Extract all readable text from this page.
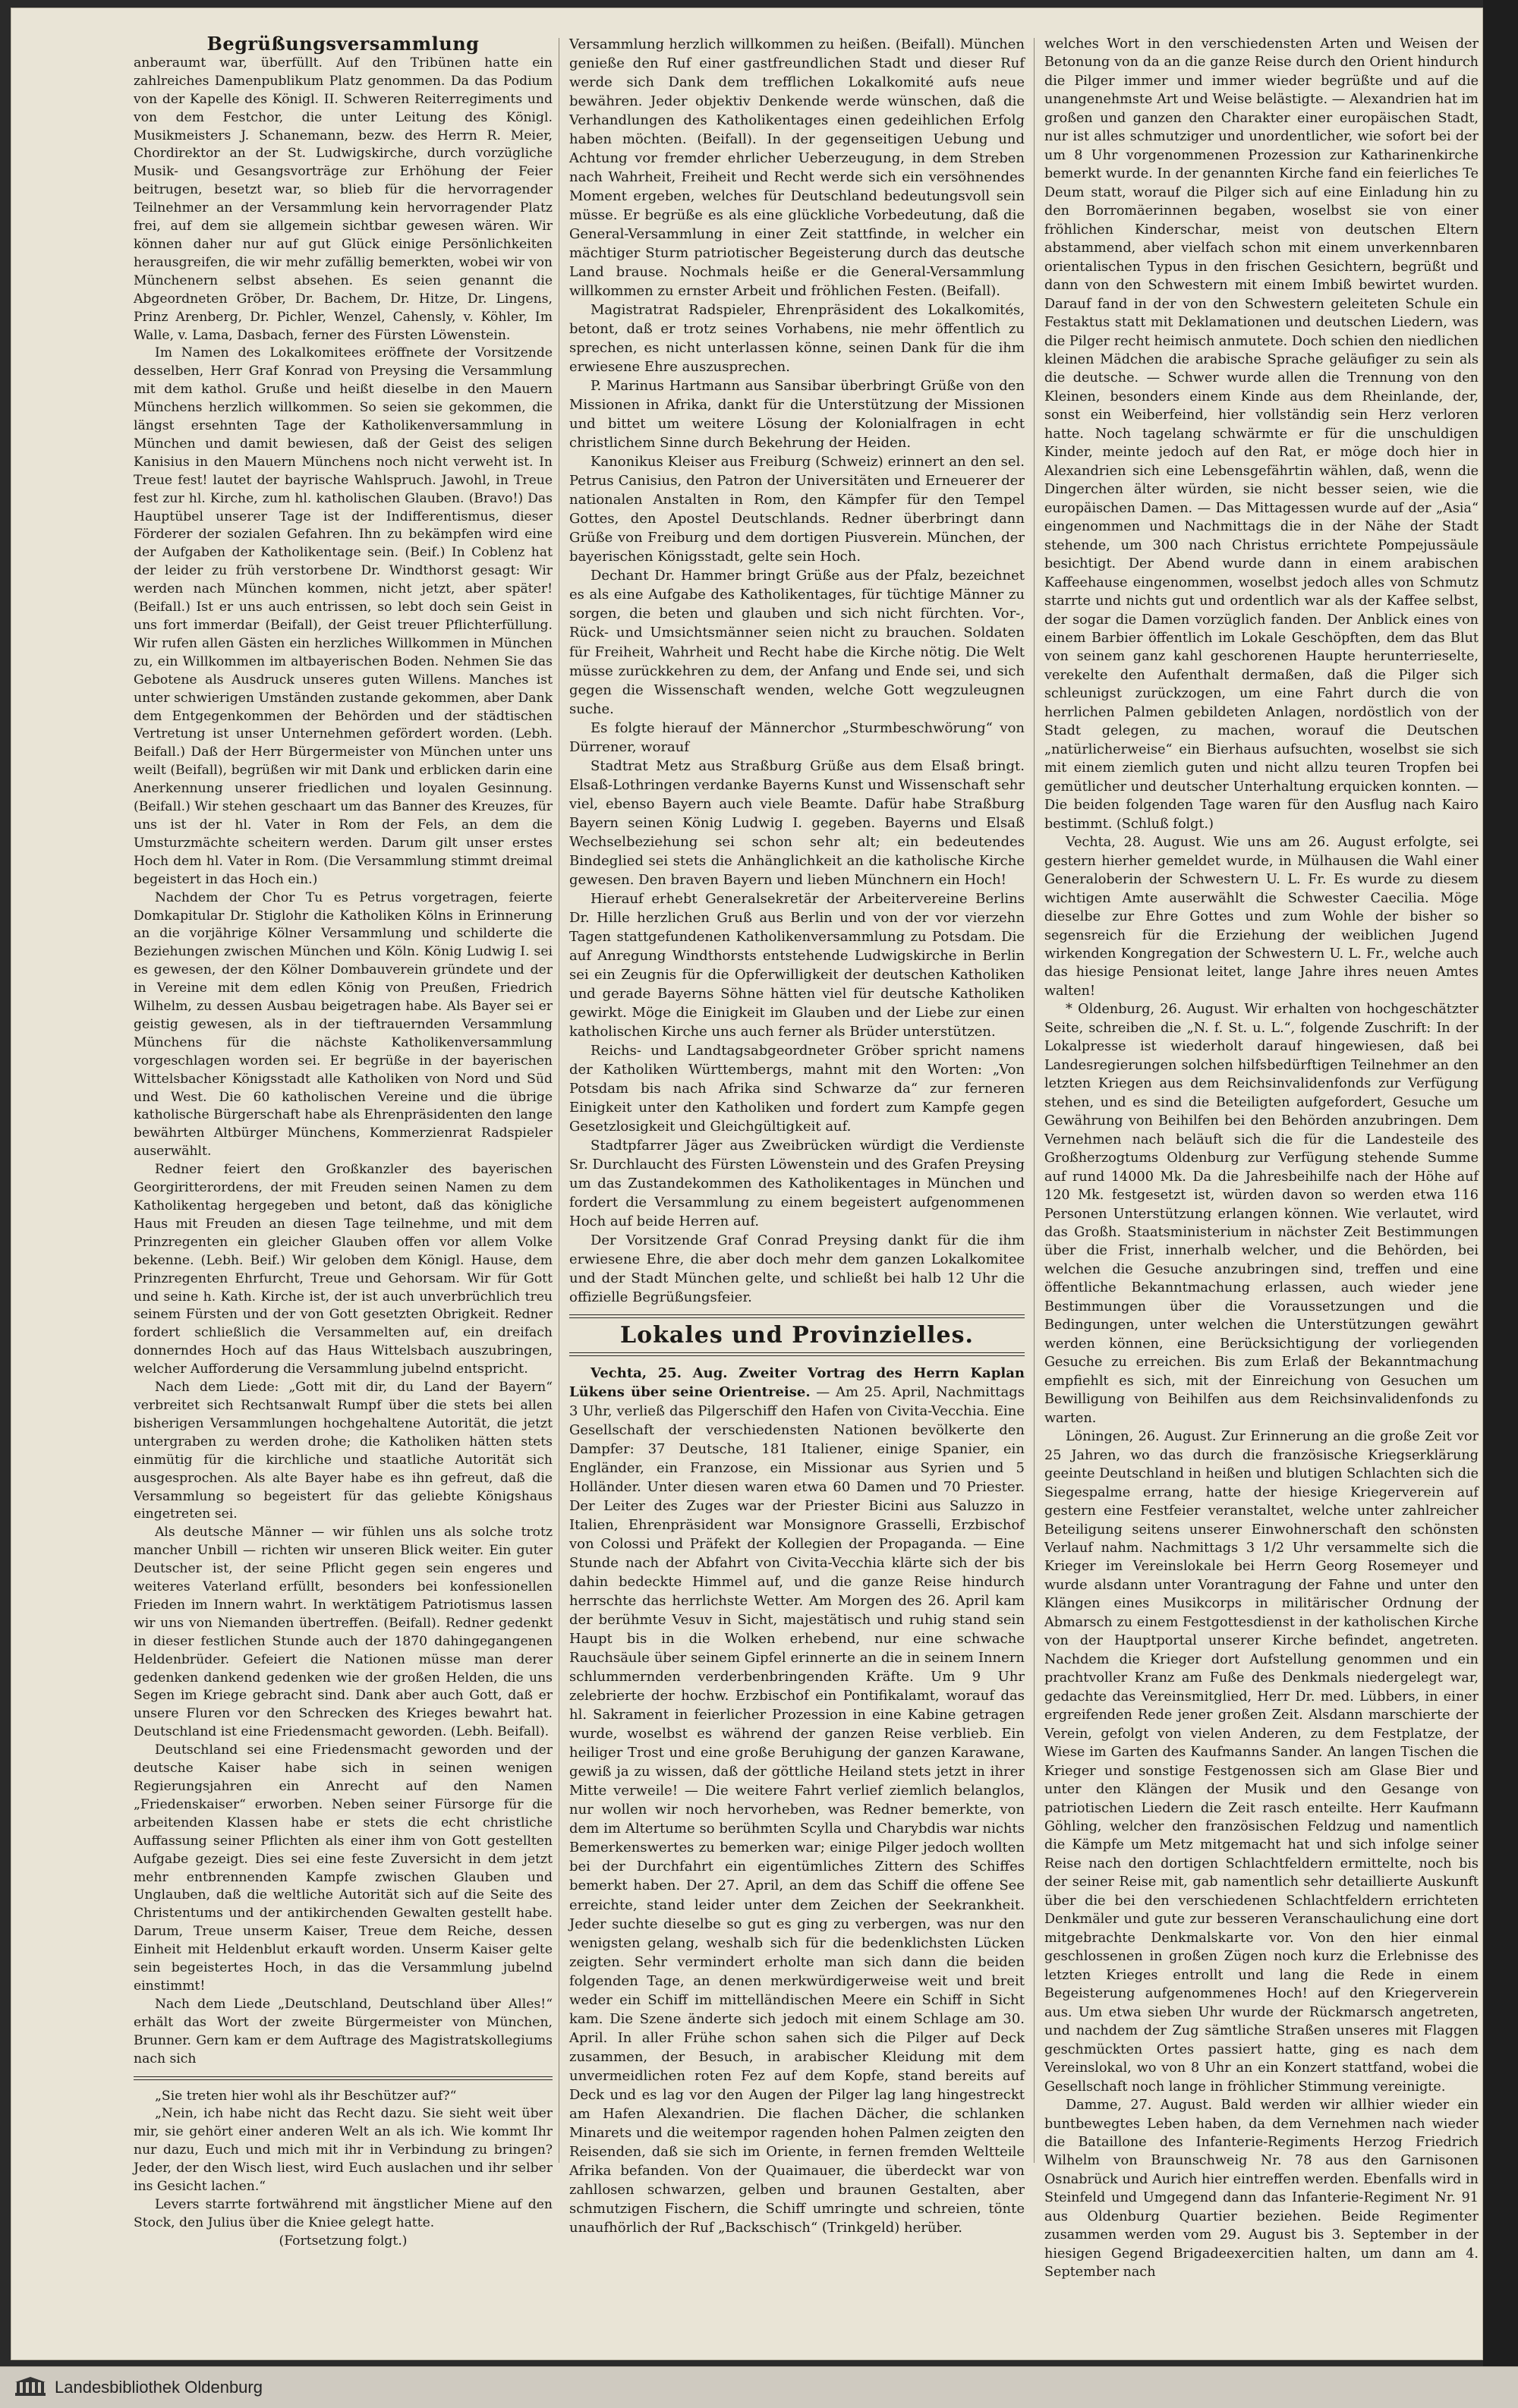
Begrüßungsversammlung

anberaumt war, überfüllt. Auf den Tribünen hatte ein zahlreiches Damenpublikum Platz genommen. Da das Podium von der Kapelle des Königl. II. Schweren Reiterregiments und von dem Festchor, die unter Leitung des Königl. Musikmeisters J. Schanemann, bezw. des Herrn R. Meier, Chordirektor an der St. Ludwigskirche, durch vorzügliche Musik- und Gesangsvorträge zur Erhöhung der Feier beitrugen, besetzt war, so blieb für die hervorragender Teilnehmer an der Versammlung kein hervorragender Platz frei, auf dem sie allgemein sichtbar gewesen wären. Wir können daher nur auf gut Glück einige Persönlichkeiten herausgreifen, die wir mehr zufällig bemerkten, wobei wir von Münchenern selbst absehen. Es seien genannt die Abgeordneten Gröber, Dr. Bachem, Dr. Hitze, Dr. Lingens, Prinz Arenberg, Dr. Pichler, Wenzel, Cahensly, v. Köhler, Im Walle, v. Lama, Dasbach, ferner des Fürsten Löwenstein.

Im Namen des Lokalkomitees eröffnete der Vorsitzende desselben, Herr Graf Konrad von Preysing die Versammlung mit dem kathol. Gruße und heißt dieselbe in den Mauern Münchens herzlich willkommen. So seien sie gekommen, die längst ersehnten Tage der Katholikenversammlung in München und damit bewiesen, daß der Geist des seligen Kanisius in den Mauern Münchens noch nicht verweht ist. In Treue fest! lautet der bayrische Wahlspruch. Jawohl, in Treue fest zur hl. Kirche, zum hl. katholischen Glauben. (Bravo!) Das Hauptübel unserer Tage ist der Indifferentismus, dieser Förderer der sozialen Gefahren. Ihn zu bekämpfen wird eine der Aufgaben der Katholikentage sein. (Beif.) In Coblenz hat der leider zu früh verstorbene Dr. Windthorst gesagt: Wir werden nach München kommen, nicht jetzt, aber später! (Beifall.) Ist er uns auch entrissen, so lebt doch sein Geist in uns fort immerdar (Beifall), der Geist treuer Pflichterfüllung. Wir rufen allen Gästen ein herzliches Willkommen in München zu, ein Willkommen im altbayerischen Boden. Nehmen Sie das Gebotene als Ausdruck unseres guten Willens. Manches ist unter schwierigen Umständen zustande gekommen, aber Dank dem Entgegenkommen der Behörden und der städtischen Vertretung ist unser Unternehmen gefördert worden. (Lebh. Beifall.) Daß der Herr Bürgermeister von München unter uns weilt (Beifall), begrüßen wir mit Dank und erblicken darin eine Anerkennung unserer friedlichen und loyalen Gesinnung. (Beifall.) Wir stehen geschaart um das Banner des Kreuzes, für uns ist der hl. Vater in Rom der Fels, an dem die Umsturzmächte scheitern werden. Darum gilt unser erstes Hoch dem hl. Vater in Rom. (Die Versammlung stimmt dreimal begeistert in das Hoch ein.)

Nachdem der Chor Tu es Petrus vorgetragen, feierte Domkapitular Dr. Stiglohr die Katholiken Kölns in Erinnerung an die vorjährige Kölner Versammlung und schilderte die Beziehungen zwischen München und Köln. König Ludwig I. sei es gewesen, der den Kölner Dombauverein gründete und der in Vereine mit dem edlen König von Preußen, Friedrich Wilhelm, zu dessen Ausbau beigetragen habe. Als Bayer sei er geistig gewesen, als in der tieftrauernden Versammlung Münchens für die nächste Katholikenversammlung vorgeschlagen worden sei. Er begrüße in der bayerischen Wittelsbacher Königsstadt alle Katholiken von Nord und Süd und West. Die 60 katholischen Vereine und die übrige katholische Bürgerschaft habe als Ehrenpräsidenten den lange bewährten Altbürger Münchens, Kommerzienrat Radspieler auserwählt.

Redner feiert den Großkanzler des bayerischen Georgiritterordens, der mit Freuden seinen Namen zu dem Katholikentag hergegeben und betont, daß das königliche Haus mit Freuden an diesen Tage teilnehme, und mit dem Prinzregenten ein gleicher Glauben offen vor allem Volke bekenne. (Lebh. Beif.) Wir geloben dem Königl. Hause, dem Prinzregenten Ehrfurcht, Treue und Gehorsam. Wir für Gott und seine h. Kath. Kirche ist, der ist auch unverbrüchlich treu seinem Fürsten und der von Gott gesetzten Obrigkeit. Redner fordert schließlich die Versammelten auf, ein dreifach donnerndes Hoch auf das Haus Wittelsbach auszubringen, welcher Aufforderung die Versammlung jubelnd entspricht.

Nach dem Liede: „Gott mit dir, du Land der Bayern“ verbreitet sich Rechtsanwalt Rumpf über die stets bei allen bisherigen Versammlungen hochgehaltene Autorität, die jetzt untergraben zu werden drohe; die Katholiken hätten stets einmütig für die kirchliche und staatliche Autorität sich ausgesprochen. Als alte Bayer habe es ihn gefreut, daß die Versammlung so begeistert für das geliebte Königshaus eingetreten sei.

Als deutsche Männer — wir fühlen uns als solche trotz mancher Unbill — richten wir unseren Blick weiter. Ein guter Deutscher ist, der seine Pflicht gegen sein engeres und weiteres Vaterland erfüllt, besonders bei konfessionellen Frieden im Innern wahrt. In werktätigem Patriotismus lassen wir uns von Niemanden übertreffen. (Beifall). Redner gedenkt in dieser festlichen Stunde auch der 1870 dahingegangenen Heldenbrüder. Gefeiert die Nationen müsse man derer gedenken dankend gedenken wie der großen Helden, die uns Segen im Kriege gebracht sind. Dank aber auch Gott, daß er unsere Fluren vor den Schrecken des Krieges bewahrt hat. Deutschland ist eine Friedensmacht geworden. (Lebh. Beifall).

Deutschland sei eine Friedensmacht geworden und der deutsche Kaiser habe sich in seinen wenigen Regierungsjahren ein Anrecht auf den Namen „Friedenskaiser“ erworben. Neben seiner Fürsorge für die arbeitenden Klassen habe er stets die echt christliche Auffassung seiner Pflichten als einer ihm von Gott gestellten Aufgabe gezeigt. Dies sei eine feste Zuversicht in dem jetzt mehr entbrennenden Kampfe zwischen Glauben und Unglauben, daß die weltliche Autorität sich auf die Seite des Christentums und der antikirchenden Gewalten gestellt habe. Darum, Treue unserm Kaiser, Treue dem Reiche, dessen Einheit mit Heldenblut erkauft worden. Unserm Kaiser gelte sein begeistertes Hoch, in das die Versammlung jubelnd einstimmt!

Nach dem Liede „Deutschland, Deutschland über Alles!“ erhält das Wort der zweite Bürgermeister von München, Brunner. Gern kam er dem Auftrage des Magistratskollegiums nach sich

„Sie treten hier wohl als ihr Beschützer auf?“

„Nein, ich habe nicht das Recht dazu. Sie sieht weit über mir, sie gehört einer anderen Welt an als ich. Wie kommt Ihr nur dazu, Euch und mich mit ihr in Verbindung zu bringen? Jeder, der den Wisch liest, wird Euch auslachen und ihr selber ins Gesicht lachen.“

Levers starrte fortwährend mit ängstlicher Miene auf den Stock, den Julius über die Kniee gelegt hatte.

(Fortsetzung folgt.)

Versammlung herzlich willkommen zu heißen. (Beifall). München genieße den Ruf einer gastfreundlichen Stadt und dieser Ruf werde sich Dank dem trefflichen Lokalkomité aufs neue bewähren. Jeder objektiv Denkende werde wünschen, daß die Verhandlungen des Katholikentages einen gedeihlichen Erfolg haben möchten. (Beifall). In der gegenseitigen Uebung und Achtung vor fremder ehrlicher Ueberzeugung, in dem Streben nach Wahrheit, Freiheit und Recht werde sich ein versöhnendes Moment ergeben, welches für Deutschland bedeutungsvoll sein müsse. Er begrüße es als eine glückliche Vorbedeutung, daß die General-Versammlung in einer Zeit stattfinde, in welcher ein mächtiger Sturm patriotischer Begeisterung durch das deutsche Land brause. Nochmals heiße er die General-Versammlung willkommen zu ernster Arbeit und fröhlichen Festen. (Beifall).

Magistratrat Radspieler, Ehrenpräsident des Lokalkomités, betont, daß er trotz seines Vorhabens, nie mehr öffentlich zu sprechen, es nicht unterlassen könne, seinen Dank für die ihm erwiesene Ehre auszusprechen.

P. Marinus Hartmann aus Sansibar überbringt Grüße von den Missionen in Afrika, dankt für die Unterstützung der Missionen und bittet um weitere Lösung der Kolonialfragen in echt christlichem Sinne durch Bekehrung der Heiden.

Kanonikus Kleiser aus Freiburg (Schweiz) erinnert an den sel. Petrus Canisius, den Patron der Universitäten und Erneuerer der nationalen Anstalten in Rom, den Kämpfer für den Tempel Gottes, den Apostel Deutschlands. Redner überbringt dann Grüße von Freiburg und dem dortigen Piusverein. München, der bayerischen Königsstadt, gelte sein Hoch.

Dechant Dr. Hammer bringt Grüße aus der Pfalz, bezeichnet es als eine Aufgabe des Katholikentages, für tüchtige Männer zu sorgen, die beten und glauben und sich nicht fürchten. Vor-, Rück- und Umsichtsmänner seien nicht zu brauchen. Soldaten für Freiheit, Wahrheit und Recht habe die Kirche nötig. Die Welt müsse zurückkehren zu dem, der Anfang und Ende sei, und sich gegen die Wissenschaft wenden, welche Gott wegzuleugnen suche.

Es folgte hierauf der Männerchor „Sturmbeschwörung“ von Dürrener, worauf

Stadtrat Metz aus Straßburg Grüße aus dem Elsaß bringt. Elsaß-Lothringen verdanke Bayerns Kunst und Wissenschaft sehr viel, ebenso Bayern auch viele Beamte. Dafür habe Straßburg Bayern seinen König Ludwig I. gegeben. Bayerns und Elsaß Wechselbeziehung sei schon sehr alt; ein bedeutendes Bindeglied sei stets die Anhänglichkeit an die katholische Kirche gewesen. Den braven Bayern und lieben Münchnern ein Hoch!

Hierauf erhebt Generalsekretär der Arbeitervereine Berlins Dr. Hille herzlichen Gruß aus Berlin und von der vor vierzehn Tagen stattgefundenen Katholikenversammlung zu Potsdam. Die auf Anregung Windthorsts entstehende Ludwigskirche in Berlin sei ein Zeugnis für die Opferwilligkeit der deutschen Katholiken und gerade Bayerns Söhne hätten viel für deutsche Katholiken gewirkt. Möge die Einigkeit im Glauben und der Liebe zur einen katholischen Kirche uns auch ferner als Brüder unterstützen.

Reichs- und Landtagsabgeordneter Gröber spricht namens der Katholiken Württembergs, mahnt mit den Worten: „Von Potsdam bis nach Afrika sind Schwarze da“ zur ferneren Einigkeit unter den Katholiken und fordert zum Kampfe gegen Gesetzlosigkeit und Gleichgültigkeit auf.

Stadtpfarrer Jäger aus Zweibrücken würdigt die Verdienste Sr. Durchlaucht des Fürsten Löwenstein und des Grafen Preysing um das Zustandekommen des Katholikentages in München und fordert die Versammlung zu einem begeistert aufgenommenen Hoch auf beide Herren auf.

Der Vorsitzende Graf Conrad Preysing dankt für die ihm erwiesene Ehre, die aber doch mehr dem ganzen Lokalkomitee und der Stadt München gelte, und schließt bei halb 12 Uhr die offizielle Begrüßungsfeier.

Lokales und Provinzielles.

Vechta, 25. Aug. Zweiter Vortrag des Herrn Kaplan Lükens über seine Orientreise. — Am 25. April, Nachmittags 3 Uhr, verließ das Pilgerschiff den Hafen von Civita-Vecchia. Eine Gesellschaft der verschiedensten Nationen bevölkerte den Dampfer: 37 Deutsche, 181 Italiener, einige Spanier, ein Engländer, ein Franzose, ein Missionar aus Syrien und 5 Holländer. Unter diesen waren etwa 60 Damen und 70 Priester. Der Leiter des Zuges war der Priester Bicini aus Saluzzo in Italien, Ehrenpräsident war Monsignore Grasselli, Erzbischof von Colossi und Präfekt der Kollegien der Propaganda. — Eine Stunde nach der Abfahrt von Civita-Vecchia klärte sich der bis dahin bedeckte Himmel auf, und die ganze Reise hindurch herrschte das herrlichste Wetter. Am Morgen des 26. April kam der berühmte Vesuv in Sicht, majestätisch und ruhig stand sein Haupt bis in die Wolken erhebend, nur eine schwache Rauchsäule über seinem Gipfel erinnerte an die in seinem Innern schlummernden verderbenbringenden Kräfte. Um 9 Uhr zelebrierte der hochw. Erzbischof ein Pontifikalamt, worauf das hl. Sakrament in feierlicher Prozession in eine Kabine getragen wurde, woselbst es während der ganzen Reise verblieb. Ein heiliger Trost und eine große Beruhigung der ganzen Karawane, gewiß ja zu wissen, daß der göttliche Heiland stets jetzt in ihrer Mitte verweile! — Die weitere Fahrt verlief ziemlich belanglos, nur wollen wir noch hervorheben, was Redner bemerkte, von dem im Altertume so berühmten Scylla und Charybdis war nichts Bemerkenswertes zu bemerken war; einige Pilger jedoch wollten bei der Durchfahrt ein eigentümliches Zittern des Schiffes bemerkt haben. Der 27. April, an dem das Schiff die offene See erreichte, stand leider unter dem Zeichen der Seekrankheit. Jeder suchte dieselbe so gut es ging zu verbergen, was nur den wenigsten gelang, weshalb sich für die bedenklichsten Lücken zeigten. Sehr vermindert erholte man sich dann die beiden folgenden Tage, an denen merkwürdigerweise weit und breit weder ein Schiff im mittelländischen Meere ein Schiff in Sicht kam. Die Szene änderte sich jedoch mit einem Schlage am 30. April. In aller Frühe schon sahen sich die Pilger auf Deck zusammen, der Besuch, in arabischer Kleidung mit dem unvermeidlichen roten Fez auf dem Kopfe, stand bereits auf Deck und es lag vor den Augen der Pilger lag lang hingestreckt am Hafen Alexandrien. Die flachen Dächer, die schlanken Minarets und die weitempor ragenden hohen Palmen zeigten den Reisenden, daß sie sich im Oriente, in fernen fremden Weltteile Afrika befanden. Von der Quaimauer, die überdeckt war von zahllosen schwarzen, gelben und braunen Gestalten, aber schmutzigen Fischern, die Schiff umringte und schreien, tönte unaufhörlich der Ruf „Backschisch“ (Trinkgeld) herüber.

welches Wort in den verschiedensten Arten und Weisen der Betonung von da an die ganze Reise durch den Orient hindurch die Pilger immer und immer wieder begrüßte und auf die unangenehmste Art und Weise belästigte. — Alexandrien hat im großen und ganzen den Charakter einer europäischen Stadt, nur ist alles schmutziger und unordentlicher, wie sofort bei der um 8 Uhr vorgenommenen Prozession zur Katharinenkirche bemerkt wurde. In der genannten Kirche fand ein feierliches Te Deum statt, worauf die Pilger sich auf eine Einladung hin zu den Borromäerinnen begaben, woselbst sie von einer fröhlichen Kinderschar, meist von deutschen Eltern abstammend, aber vielfach schon mit einem unverkennbaren orientalischen Typus in den frischen Gesichtern, begrüßt und dann von den Schwestern mit einem Imbiß bewirtet wurden. Darauf fand in der von den Schwestern geleiteten Schule ein Festaktus statt mit Deklamationen und deutschen Liedern, was die Pilger recht heimisch anmutete. Doch schien den niedlichen kleinen Mädchen die arabische Sprache geläufiger zu sein als die deutsche. — Schwer wurde allen die Trennung von den Kleinen, besonders einem Kinde aus dem Rheinlande, der, sonst ein Weiberfeind, hier vollständig sein Herz verloren hatte. Noch tagelang schwärmte er für die unschuldigen Kinder, meinte jedoch auf den Rat, er möge doch hier in Alexandrien sich eine Lebensgefährtin wählen, daß, wenn die Dingerchen älter würden, sie nicht besser seien, wie die europäischen Damen. — Das Mittagessen wurde auf der „Asia“ eingenommen und Nachmittags die in der Nähe der Stadt stehende, um 300 nach Christus errichtete Pompejussäule besichtigt. Der Abend wurde dann in einem arabischen Kaffeehause eingenommen, woselbst jedoch alles von Schmutz starrte und nichts gut und ordentlich war als der Kaffee selbst, der sogar die Damen vorzüglich fanden. Der Anblick eines von einem Barbier öffentlich im Lokale Geschöpften, dem das Blut von seinem ganz kahl geschorenen Haupte herunterrieselte, verekelte den Aufenthalt dermaßen, daß die Pilger sich schleunigst zurückzogen, um eine Fahrt durch die von herrlichen Palmen gebildeten Anlagen, nordöstlich von der Stadt gelegen, zu machen, worauf die Deutschen „natürlicherweise“ ein Bierhaus aufsuchten, woselbst sie sich mit einem ziemlich guten und nicht allzu teuren Tropfen bei gemütlicher und deutscher Unterhaltung erquicken konnten. — Die beiden folgenden Tage waren für den Ausflug nach Kairo bestimmt. (Schluß folgt.)

Vechta, 28. August. Wie uns am 26. August erfolgte, sei gestern hierher gemeldet wurde, in Mülhausen die Wahl einer Generaloberin der Schwestern U. L. Fr. Es wurde zu diesem wichtigen Amte auserwählt die Schwester Caecilia. Möge dieselbe zur Ehre Gottes und zum Wohle der bisher so segensreich für die Erziehung der weiblichen Jugend wirkenden Kongregation der Schwestern U. L. Fr., welche auch das hiesige Pensionat leitet, lange Jahre ihres neuen Amtes walten!

* Oldenburg, 26. August. Wir erhalten von hochgeschätzter Seite, schreiben die „N. f. St. u. L.“, folgende Zuschrift: In der Lokalpresse ist wiederholt darauf hingewiesen, daß bei Landesregierungen solchen hilfsbedürftigen Teilnehmer an den letzten Kriegen aus dem Reichsinvalidenfonds zur Verfügung stehen, und es sind die Beteiligten aufgefordert, Gesuche um Gewährung von Beihilfen bei den Behörden anzubringen. Dem Vernehmen nach beläuft sich die für die Landesteile des Großherzogtums Oldenburg zur Verfügung stehende Summe auf rund 14000 Mk. Da die Jahresbeihilfe nach der Höhe auf 120 Mk. festgesetzt ist, würden davon so werden etwa 116 Personen Unterstützung erlangen können. Wie verlautet, wird das Großh. Staatsministerium in nächster Zeit Bestimmungen über die Frist, innerhalb welcher, und die Behörden, bei welchen die Gesuche anzubringen sind, treffen und eine öffentliche Bekanntmachung erlassen, auch wieder jene Bestimmungen über die Voraussetzungen und die Bedingungen, unter welchen die Unterstützungen gewährt werden können, eine Berücksichtigung der vorliegenden Gesuche zu erreichen. Bis zum Erlaß der Bekanntmachung empfiehlt es sich, mit der Einreichung von Gesuchen um Bewilligung von Beihilfen aus dem Reichsinvalidenfonds zu warten.

Löningen, 26. August. Zur Erinnerung an die große Zeit vor 25 Jahren, wo das durch die französische Kriegserklärung geeinte Deutschland in heißen und blutigen Schlachten sich die Siegespalme errang, hatte der hiesige Kriegerverein auf gestern eine Festfeier veranstaltet, welche unter zahlreicher Beteiligung seitens unserer Einwohnerschaft den schönsten Verlauf nahm. Nachmittags 3 1/2 Uhr versammelte sich die Krieger im Vereinslokale bei Herrn Georg Rosemeyer und wurde alsdann unter Vorantragung der Fahne und unter den Klängen eines Musikcorps in militärischer Ordnung der Abmarsch zu einem Festgottesdienst in der katholischen Kirche von der Hauptportal unserer Kirche befindet, angetreten. Nachdem die Krieger dort Aufstellung genommen und ein prachtvoller Kranz am Fuße des Denkmals niedergelegt war, gedachte das Vereinsmitglied, Herr Dr. med. Lübbers, in einer ergreifenden Rede jener großen Zeit. Alsdann marschierte der Verein, gefolgt von vielen Anderen, zu dem Festplatze, der Wiese im Garten des Kaufmanns Sander. An langen Tischen die Krieger und sonstige Festgenossen sich am Glase Bier und unter den Klängen der Musik und den Gesange von patriotischen Liedern die Zeit rasch enteilte. Herr Kaufmann Göhling, welcher den französischen Feldzug und namentlich die Kämpfe um Metz mitgemacht hat und sich infolge seiner Reise nach den dortigen Schlachtfeldern ermittelte, noch bis der seiner Reise mit, gab namentlich sehr detaillierte Auskunft über die bei den verschiedenen Schlachtfeldern errichteten Denkmäler und gute zur besseren Veranschaulichung eine dort mitgebrachte Denkmalskarte vor. Von den hier einmal geschlossenen in großen Zügen noch kurz die Erlebnisse des letzten Krieges entrollt und lang die Rede in einem Begeisterung aufgenommenes Hoch! auf den Kriegerverein aus. Um etwa sieben Uhr wurde der Rückmarsch angetreten, und nachdem der Zug sämtliche Straßen unseres mit Flaggen geschmückten Ortes passiert hatte, ging es nach dem Vereinslokal, wo von 8 Uhr an ein Konzert stattfand, wobei die Gesellschaft noch lange in fröhlicher Stimmung vereinigte.

Damme, 27. August. Bald werden wir allhier wieder ein buntbewegtes Leben haben, da dem Vernehmen nach wieder die Bataillone des Infanterie-Regiments Herzog Friedrich Wilhelm von Braunschweig Nr. 78 aus den Garnisonen Osnabrück und Aurich hier eintreffen werden. Ebenfalls wird in Steinfeld und Umgegend dann das Infanterie-Regiment Nr. 91 aus Oldenburg Quartier beziehen. Beide Regimenter zusammen werden vom 29. August bis 3. September in der hiesigen Gegend Brigadeexercitien halten, um dann am 4. September nach

Landesbibliothek Oldenburg
